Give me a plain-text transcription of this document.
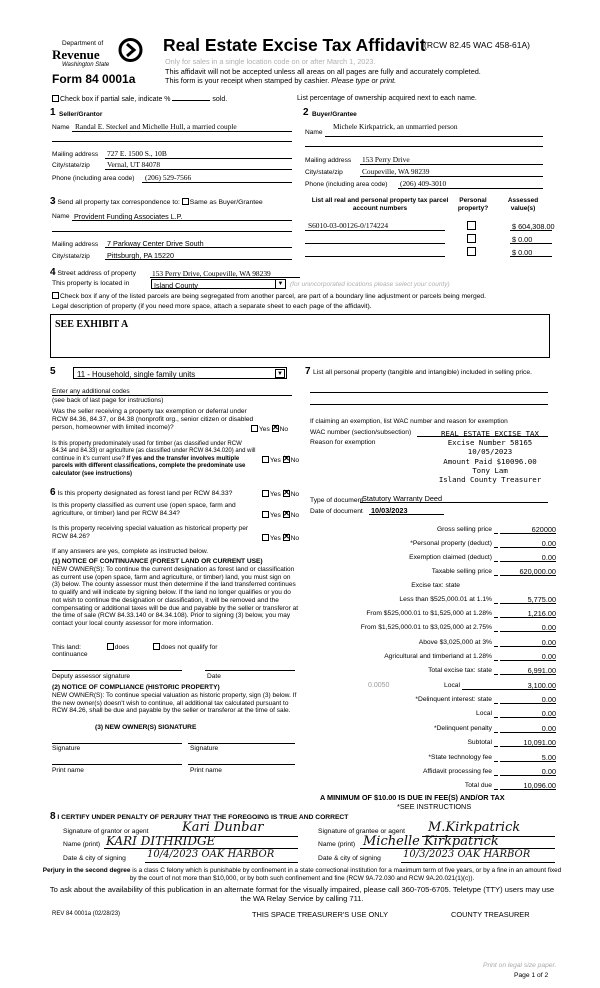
Department of
Revenue
Washington State
Form 84 0001a
Real Estate Excise Tax Affidavit
(RCW 82.45 WAC 458-61A)
Only for sales in a single location code on or after March 1, 2023.
This affidavit will not be accepted unless all areas on all pages are fully and accurately completed.
This form is your receipt when stamped by cashier. Please type or print.
Check box if partial sale, indicate %	sold.	List percentage of ownership acquired next to each name.
1 Seller/Grantor
Name Randal E. Steckel and Michelle Hull, a married couple
Mailing address 727 E. 1500 S., 10B
City/state/zip Vernal, UT 84078
Phone (including area code) (206) 529-7566
2 Buyer/Grantee
Michele Kirkpatrick, an unmarried person
Name
Mailing address 153 Perry Drive
City/state/zip	Coupeville, WA 98239
Phone (including area code) (206) 409-3010
3 Send all property tax correspondence to: Same as Buyer/Grantee
Name Provident Funding Associates L.P.
Mailing address 7 Parkway Center Drive South
City/state/zip Pittsburgh, PA 15220
List all real and personal property tax parcel account numbers
Personal property?
Assessed value(s)
S6010-03-00126-0/174224	$ 604,308.00
$ 0.00
$ 0.00
4 Street address of property 153 Perry Drive, Coupeville, WA 98239
This property is located in	Island County	▼ (for unincorporated locations please select your county)
Check box if any of the listed parcels are being segregated from another parcel, are part of a boundary line adjustment or parcels being merged.
Legal description of property (if you need more space, attach a separate sheet to each page of the affidavit).
SEE EXHIBIT A
5	11 - Household, single family units	▼
Enter any additional codes
(see back of last page for instructions)
Was the seller receiving a property tax exemption or deferral under RCW 84.36, 84.37, or 84.38 (nonprofit org., senior citizen or disabled person, homeowner with limited income)?	Yes ✕ No
Is this property predominately used for timber (as classified under RCW 84.34 and 84.33) or agriculture (as classified under RCW 84.34.020) and will continue in it's current use? If yes and the transfer involves multiple parcels with different classifications, complete the predominate use calculator (see instructions)
Yes ✕ No
6 Is this property designated as forest land per RCW 84.33?	Yes ✕ No
Is this property classified as current use (open space, farm and agriculture, or timber) land per RCW 84.34?	Yes ✕ No
Is this property receiving special valuation as historical property per RCW 84.26?	Yes ✕ No
If any answers are yes, complete as instructed below.
(1) NOTICE OF CONTINUANCE (FOREST LAND OR CURRENT USE)
NEW OWNER(S): To continue the current designation as forest land or classification as current use (open space, farm and agriculture, or timber) land, you must sign on (3) below. The county assessor must then determine if the land transferred continues to qualify and will indicate by signing below. If the land no longer qualifies or you do not wish to continue the designation or classification, it will be removed and the compensating or additional taxes will be due and payable by the seller or transferor at the time of sale (RCW 84.33.140 or 84.34.108). Prior to signing (3) below, you may contact your local county assessor for more information.
This land:	does	does not qualify for
continuance
Deputy assessor signature	Date
(2) NOTICE OF COMPLIANCE (HISTORIC PROPERTY)
NEW OWNER(S): To continue special valuation as historic property, sign (3) below. If the new owner(s) doesn't wish to continue, all additional tax calculated pursuant to RCW 84.26, shall be due and payable by the seller or transferor at the time of sale.
(3) NEW OWNER(S) SIGNATURE
Signature	Signature
Print name	Print name
7 List all personal property (tangible and intangible) included in selling price.
If claiming an exemption, list WAC number and reason for exemption
WAC number (section/subsection)
Reason for exemption
REAL ESTATE EXCISE TAX
Excise Number 58165
10/05/2023
Amount Paid $10096.00
Tony Lam
Island County Treasurer
Type of document
Statutory Warranty Deed
Date of document 10/03/2023
Gross selling price	620000
*Personal property (deduct)	0.00
Exemption claimed (deduct)	0.00
Taxable selling price	620,000.00
Excise tax: state
Less than $525,000.01 at 1.1%	5,775.00
From $525,000.01 to $1,525,000 at 1.28%	1,216.00
From $1,525,000.01 to $3,025,000 at 2.75%	0.00
Above $3,025,000 at 3%	0.00
Agricultural and timberland at 1.28%	0.00
Total excise tax: state	6,991.00
0.0050	Local	3,100.00
*Delinquent interest: state	0.00
Local	0.00
*Delinquent penalty	0.00
Subtotal	10,091.00
*State technology fee	5.00
Affidavit processing fee	0.00
Total due	10,096.00
A MINIMUM OF $10.00 IS DUE IN FEE(S) AND/OR TAX
*SEE INSTRUCTIONS
8 I CERTIFY UNDER PENALTY OF PERJURY THAT THE FOREGOING IS TRUE AND CORRECT
Signature of grantor or agent	Kari Dunbar	Signature of grantee or agent M.Kirkpatrick
Name (print) KARI DITHRIDGE	Name (print) Michelle Kirkpatrick
Date & city of signing 10/4/2023 OAK HARBOR	Date & city of signing 10/3/2023 OAK HARBOR
Perjury in the second degree is a class C felony which is punishable by confinement in a state correctional institution for a maximum term of five years, or by a fine in an amount fixed by the court of not more than $10,000, or by both such confinement and fine (RCW 9A.72.030 and RCW 9A.20.021(1)(c)).
To ask about the availability of this publication in an alternate format for the visually impaired, please call 360-705-6705. Teletype (TTY) users may use the WA Relay Service by calling 711.
REV 84 0001a (02/28/23)	THIS SPACE TREASURER'S USE ONLY	COUNTY TREASURER
Print on legal size paper.
Page 1 of 2
